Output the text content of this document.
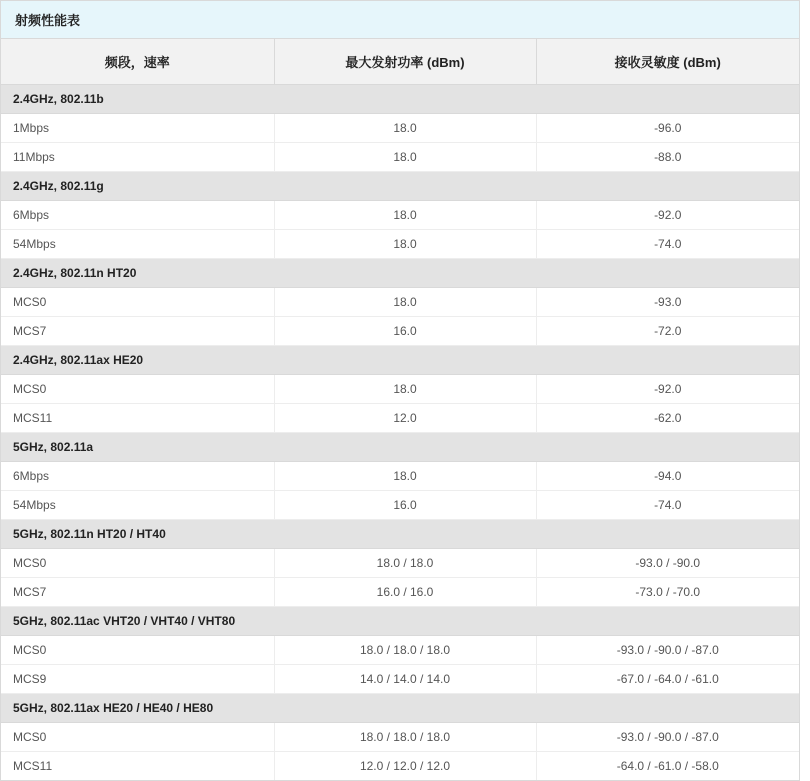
射频性能表
频段，速率	最大发射功率 (dBm)	接收灵敏度 (dBm)
2.4GHz, 802.11b		
1Mbps	18.0	-96.0
11Mbps	18.0	-88.0
2.4GHz, 802.11g		
6Mbps	18.0	-92.0
54Mbps	18.0	-74.0
2.4GHz, 802.11n HT20		
MCS0	18.0	-93.0
MCS7	16.0	-72.0
2.4GHz, 802.11ax HE20		
MCS0	18.0	-92.0
MCS11	12.0	-62.0
5GHz, 802.11a		
6Mbps	18.0	-94.0
54Mbps	16.0	-74.0
5GHz, 802.11n HT20 / HT40		
MCS0	18.0 / 18.0	-93.0 / -90.0
MCS7	16.0 / 16.0	-73.0 / -70.0
5GHz, 802.11ac VHT20 / VHT40 / VHT80		
MCS0	18.0 / 18.0 / 18.0	-93.0 / -90.0 / -87.0
MCS9	14.0 / 14.0 / 14.0	-67.0 / -64.0 / -61.0
5GHz, 802.11ax HE20 / HE40 / HE80		
MCS0	18.0 / 18.0 / 18.0	-93.0 / -90.0 / -87.0
MCS11	12.0 / 12.0 / 12.0	-64.0 / -61.0 / -58.0
